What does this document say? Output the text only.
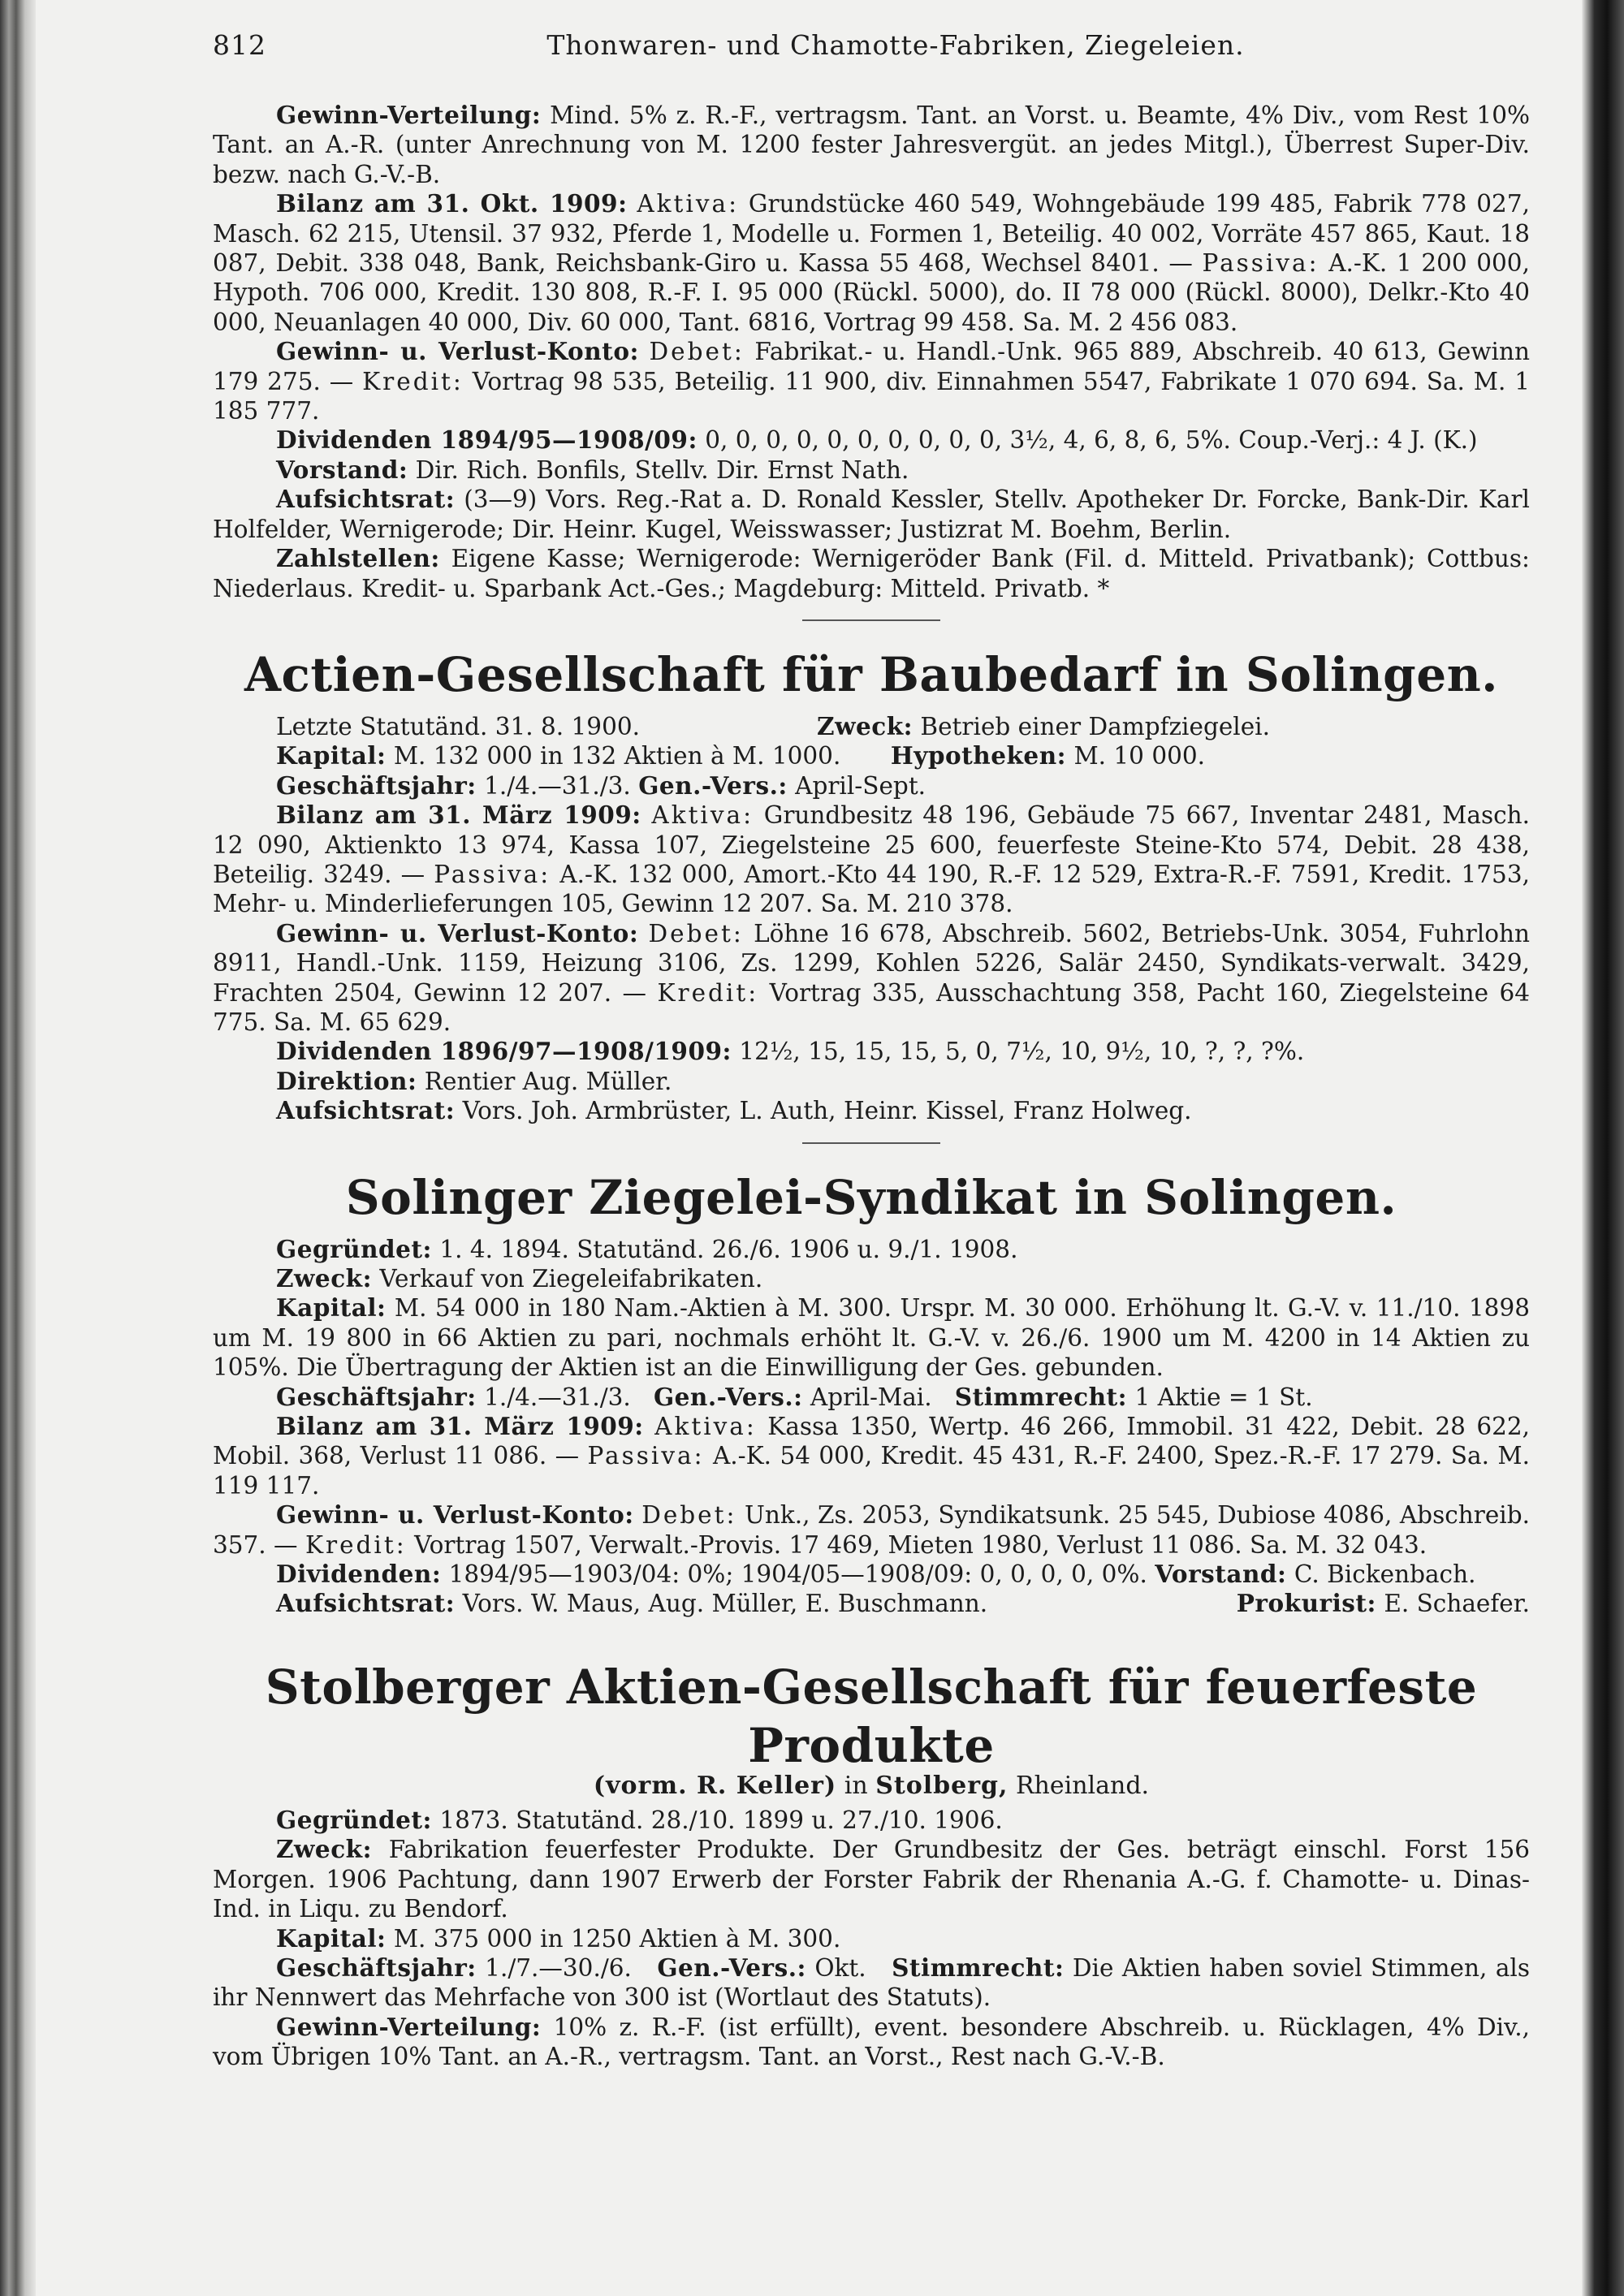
812	Thonwaren- und Chamotte-Fabriken, Ziegeleien.

Gewinn-Verteilung: Mind. 5% z. R.-F., vertragsm. Tant. an Vorst. u. Beamte, 4% Div., vom Rest 10% Tant. an A.-R. (unter Anrechnung von M. 1200 fester Jahresvergüt. an jedes Mitgl.), Überrest Super-Div. bezw. nach G.-V.-B.

Bilanz am 31. Okt. 1909: Aktiva: Grundstücke 460 549, Wohngebäude 199 485, Fabrik 778 027, Masch. 62 215, Utensil. 37 932, Pferde 1, Modelle u. Formen 1, Beteilig. 40 002, Vorräte 457 865, Kaut. 18 087, Debit. 338 048, Bank, Reichsbank-Giro u. Kassa 55 468, Wechsel 8401. — Passiva: A.-K. 1 200 000, Hypoth. 706 000, Kredit. 130 808, R.-F. I. 95 000 (Rückl. 5000), do. II 78 000 (Rückl. 8000), Delkr.-Kto 40 000, Neuanlagen 40 000, Div. 60 000, Tant. 6816, Vortrag 99 458. Sa. M. 2 456 083.

Gewinn- u. Verlust-Konto: Debet: Fabrikat.- u. Handl.-Unk. 965 889, Abschreib. 40 613, Gewinn 179 275. — Kredit: Vortrag 98 535, Beteilig. 11 900, div. Einnahmen 5547, Fabrikate 1 070 694. Sa. M. 1 185 777.

Dividenden 1894/95—1908/09: 0, 0, 0, 0, 0, 0, 0, 0, 0, 0, 3½, 4, 6, 8, 6, 5%. Coup.-Verj.: 4 J. (K.)

Vorstand: Dir. Rich. Bonfils, Stellv. Dir. Ernst Nath.

Aufsichtsrat: (3—9) Vors. Reg.-Rat a. D. Ronald Kessler, Stellv. Apotheker Dr. Forcke, Bank-Dir. Karl Holfelder, Wernigerode; Dir. Heinr. Kugel, Weisswasser; Justizrat M. Boehm, Berlin.

Zahlstellen: Eigene Kasse; Wernigerode: Wernigeröder Bank (Fil. d. Mitteld. Privatbank); Cottbus: Niederlaus. Kredit- u. Sparbank Act.-Ges.; Magdeburg: Mitteld. Privatb. *

Actien-Gesellschaft für Baubedarf in Solingen.
Letzte Statutänd. 31. 8. 1900.	Zweck: Betrieb einer Dampfziegelei.
Kapital: M. 132 000 in 132 Aktien à M. 1000. Hypotheken: M. 10 000.

Geschäftsjahr: 1./4.—31./3. Gen.-Vers.: April-Sept.

Bilanz am 31. März 1909: Aktiva: Grundbesitz 48 196, Gebäude 75 667, Inventar 2481, Masch. 12 090, Aktienkto 13 974, Kassa 107, Ziegelsteine 25 600, feuerfeste Steine-Kto 574, Debit. 28 438, Beteilig. 3249. — Passiva: A.-K. 132 000, Amort.-Kto 44 190, R.-F. 12 529, Extra-R.-F. 7591, Kredit. 1753, Mehr- u. Minderlieferungen 105, Gewinn 12 207. Sa. M. 210 378.

Gewinn- u. Verlust-Konto: Debet: Löhne 16 678, Abschreib. 5602, Betriebs-Unk. 3054, Fuhrlohn 8911, Handl.-Unk. 1159, Heizung 3106, Zs. 1299, Kohlen 5226, Salär 2450, Syndikats-verwalt. 3429, Frachten 2504, Gewinn 12 207. — Kredit: Vortrag 335, Ausschachtung 358, Pacht 160, Ziegelsteine 64 775. Sa. M. 65 629.

Dividenden 1896/97—1908/1909: 12½, 15, 15, 15, 5, 0, 7½, 10, 9½, 10, ?, ?, ?%.

Direktion: Rentier Aug. Müller.

Aufsichtsrat: Vors. Joh. Armbrüster, L. Auth, Heinr. Kissel, Franz Holweg.

Solinger Ziegelei-Syndikat in Solingen.

Gegründet: 1. 4. 1894. Statutänd. 26./6. 1906 u. 9./1. 1908.

Zweck: Verkauf von Ziegeleifabrikaten.

Kapital: M. 54 000 in 180 Nam.-Aktien à M. 300. Urspr. M. 30 000. Erhöhung lt. G.-V. v. 11./10. 1898 um M. 19 800 in 66 Aktien zu pari, nochmals erhöht lt. G.-V. v. 26./6. 1900 um M. 4200 in 14 Aktien zu 105%. Die Übertragung der Aktien ist an die Einwilligung der Ges. gebunden.

Geschäftsjahr: 1./4.—31./3. Gen.-Vers.: April-Mai. Stimmrecht: 1 Aktie = 1 St.

Bilanz am 31. März 1909: Aktiva: Kassa 1350, Wertp. 46 266, Immobil. 31 422, Debit. 28 622, Mobil. 368, Verlust 11 086. — Passiva: A.-K. 54 000, Kredit. 45 431, R.-F. 2400, Spez.-R.-F. 17 279. Sa. M. 119 117.

Gewinn- u. Verlust-Konto: Debet: Unk., Zs. 2053, Syndikatsunk. 25 545, Dubiose 4086, Abschreib. 357. — Kredit: Vortrag 1507, Verwalt.-Provis. 17 469, Mieten 1980, Verlust 11 086. Sa. M. 32 043.

Dividenden: 1894/95—1903/04: 0%; 1904/05—1908/09: 0, 0, 0, 0, 0%. Vorstand: C. Bickenbach.

Aufsichtsrat: Vors. W. Maus, Aug. Müller, E. Buschmann.	Prokurist: E. Schaefer.
Stolberger Aktien-Gesellschaft für feuerfeste Produkte
(vorm. R. Keller) in Stolberg, Rheinland.

Gegründet: 1873. Statutänd. 28./10. 1899 u. 27./10. 1906.

Zweck: Fabrikation feuerfester Produkte. Der Grundbesitz der Ges. beträgt einschl. Forst 156 Morgen. 1906 Pachtung, dann 1907 Erwerb der Forster Fabrik der Rhenania A.-G. f. Chamotte- u. Dinas-Ind. in Liqu. zu Bendorf.

Kapital: M. 375 000 in 1250 Aktien à M. 300.

Geschäftsjahr: 1./7.—30./6. Gen.-Vers.: Okt. Stimmrecht: Die Aktien haben soviel Stimmen, als ihr Nennwert das Mehrfache von 300 ist (Wortlaut des Statuts).

Gewinn-Verteilung: 10% z. R.-F. (ist erfüllt), event. besondere Abschreib. u. Rücklagen, 4% Div., vom Übrigen 10% Tant. an A.-R., vertragsm. Tant. an Vorst., Rest nach G.-V.-B.
